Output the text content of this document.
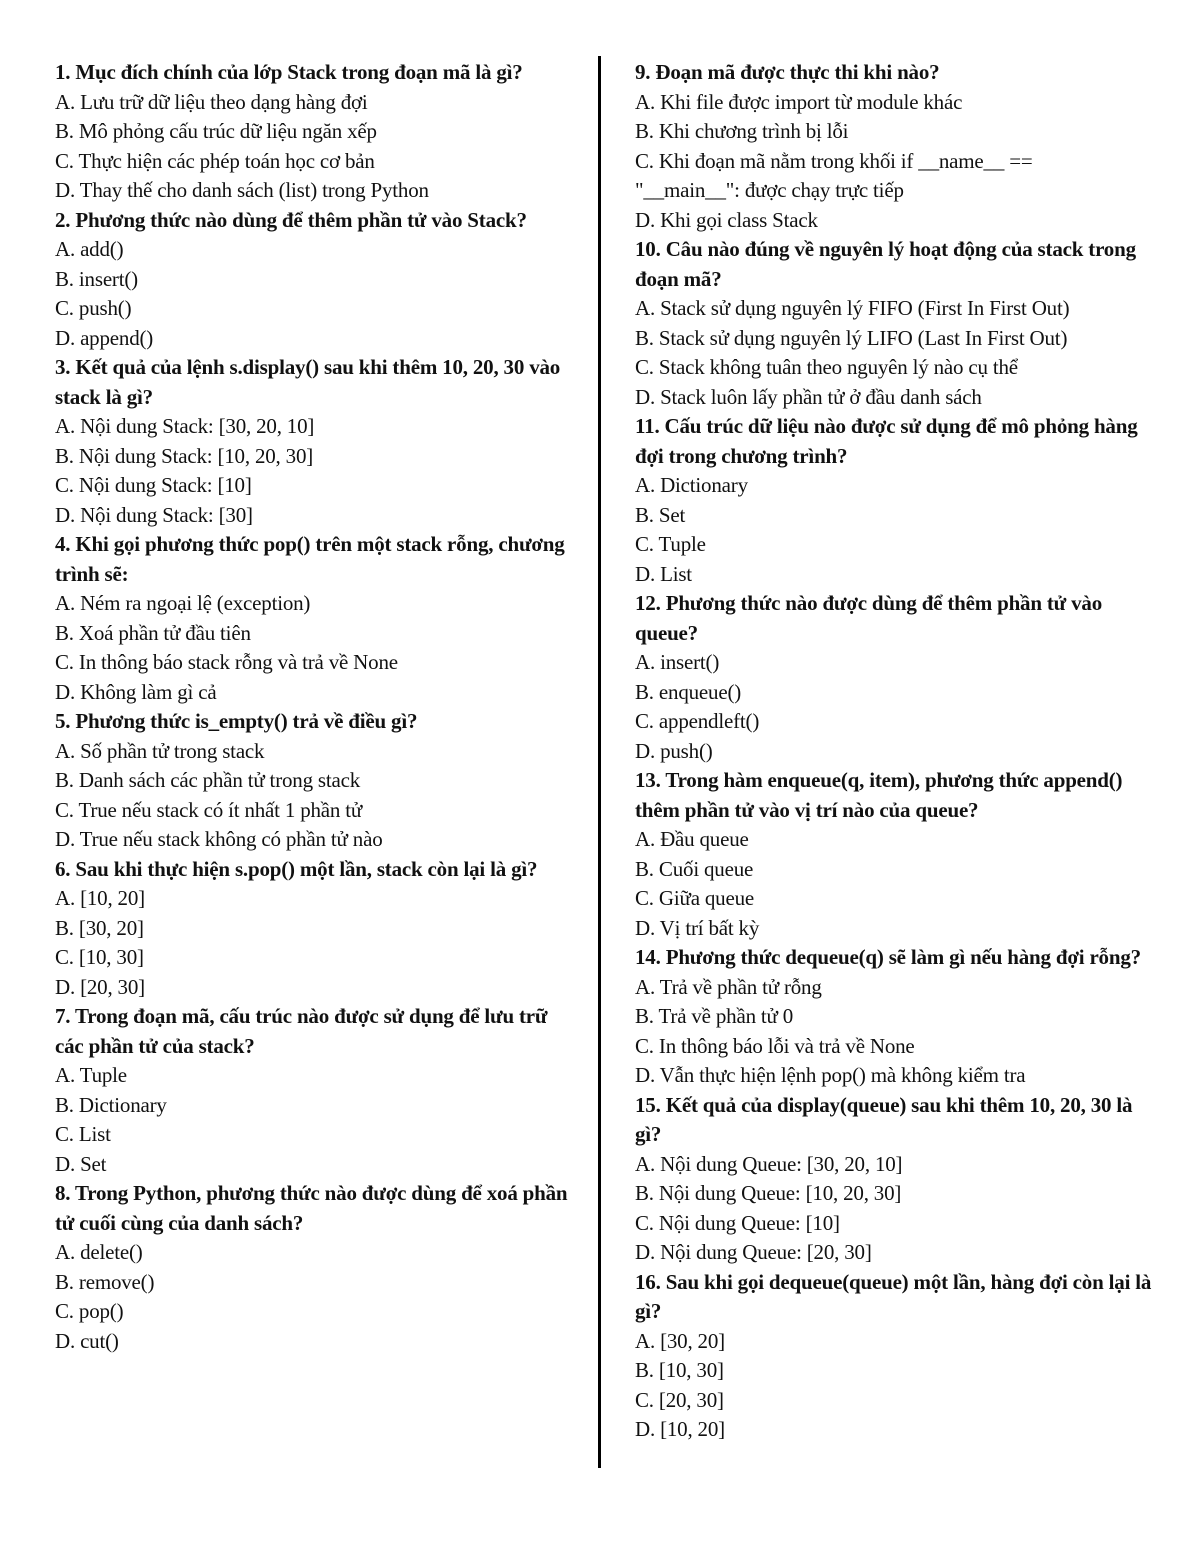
1. Mục đích chính của lớp Stack trong đoạn mã là gì?
A. Lưu trữ dữ liệu theo dạng hàng đợi
B. Mô phỏng cấu trúc dữ liệu ngăn xếp
C. Thực hiện các phép toán học cơ bản
D. Thay thế cho danh sách (list) trong Python
2. Phương thức nào dùng để thêm phần tử vào Stack?
A. add()
B. insert()
C. push()
D. append()
3. Kết quả của lệnh s.display() sau khi thêm 10, 20, 30 vào stack là gì?
A. Nội dung Stack: [30, 20, 10]
B. Nội dung Stack: [10, 20, 30]
C. Nội dung Stack: [10]
D. Nội dung Stack: [30]
4. Khi gọi phương thức pop() trên một stack rỗng, chương trình sẽ:
A. Ném ra ngoại lệ (exception)
B. Xoá phần tử đầu tiên
C. In thông báo stack rỗng và trả về None
D. Không làm gì cả
5. Phương thức is_empty() trả về điều gì?
A. Số phần tử trong stack
B. Danh sách các phần tử trong stack
C. True nếu stack có ít nhất 1 phần tử
D. True nếu stack không có phần tử nào
6. Sau khi thực hiện s.pop() một lần, stack còn lại là gì?
A. [10, 20]
B. [30, 20]
C. [10, 30]
D. [20, 30]
7. Trong đoạn mã, cấu trúc nào được sử dụng để lưu trữ các phần tử của stack?
A. Tuple
B. Dictionary
C. List
D. Set
8. Trong Python, phương thức nào được dùng để xoá phần tử cuối cùng của danh sách?
A. delete()
B. remove()
C. pop()
D. cut()
9. Đoạn mã được thực thi khi nào?
A. Khi file được import từ module khác
B. Khi chương trình bị lỗi
C. Khi đoạn mã nằm trong khối if __name__ ==
"__main__": được chạy trực tiếp
D. Khi gọi class Stack
10. Câu nào đúng về nguyên lý hoạt động của stack trong đoạn mã?
A. Stack sử dụng nguyên lý FIFO (First In First Out)
B. Stack sử dụng nguyên lý LIFO (Last In First Out)
C. Stack không tuân theo nguyên lý nào cụ thể
D. Stack luôn lấy phần tử ở đầu danh sách
11. Cấu trúc dữ liệu nào được sử dụng để mô phỏng hàng đợi trong chương trình?
A. Dictionary
B. Set
C. Tuple
D. List
12. Phương thức nào được dùng để thêm phần tử vào queue?
A. insert()
B. enqueue()
C. appendleft()
D. push()
13. Trong hàm enqueue(q, item), phương thức append() thêm phần tử vào vị trí nào của queue?
A. Đầu queue
B. Cuối queue
C. Giữa queue
D. Vị trí bất kỳ
14. Phương thức dequeue(q) sẽ làm gì nếu hàng đợi rỗng?
A. Trả về phần tử rỗng
B. Trả về phần tử 0
C. In thông báo lỗi và trả về None
D. Vẫn thực hiện lệnh pop() mà không kiểm tra
15. Kết quả của display(queue) sau khi thêm 10, 20, 30 là gì?
A. Nội dung Queue: [30, 20, 10]
B. Nội dung Queue: [10, 20, 30]
C. Nội dung Queue: [10]
D. Nội dung Queue: [20, 30]
16. Sau khi gọi dequeue(queue) một lần, hàng đợi còn lại là gì?
A. [30, 20]
B. [10, 30]
C. [20, 30]
D. [10, 20]
